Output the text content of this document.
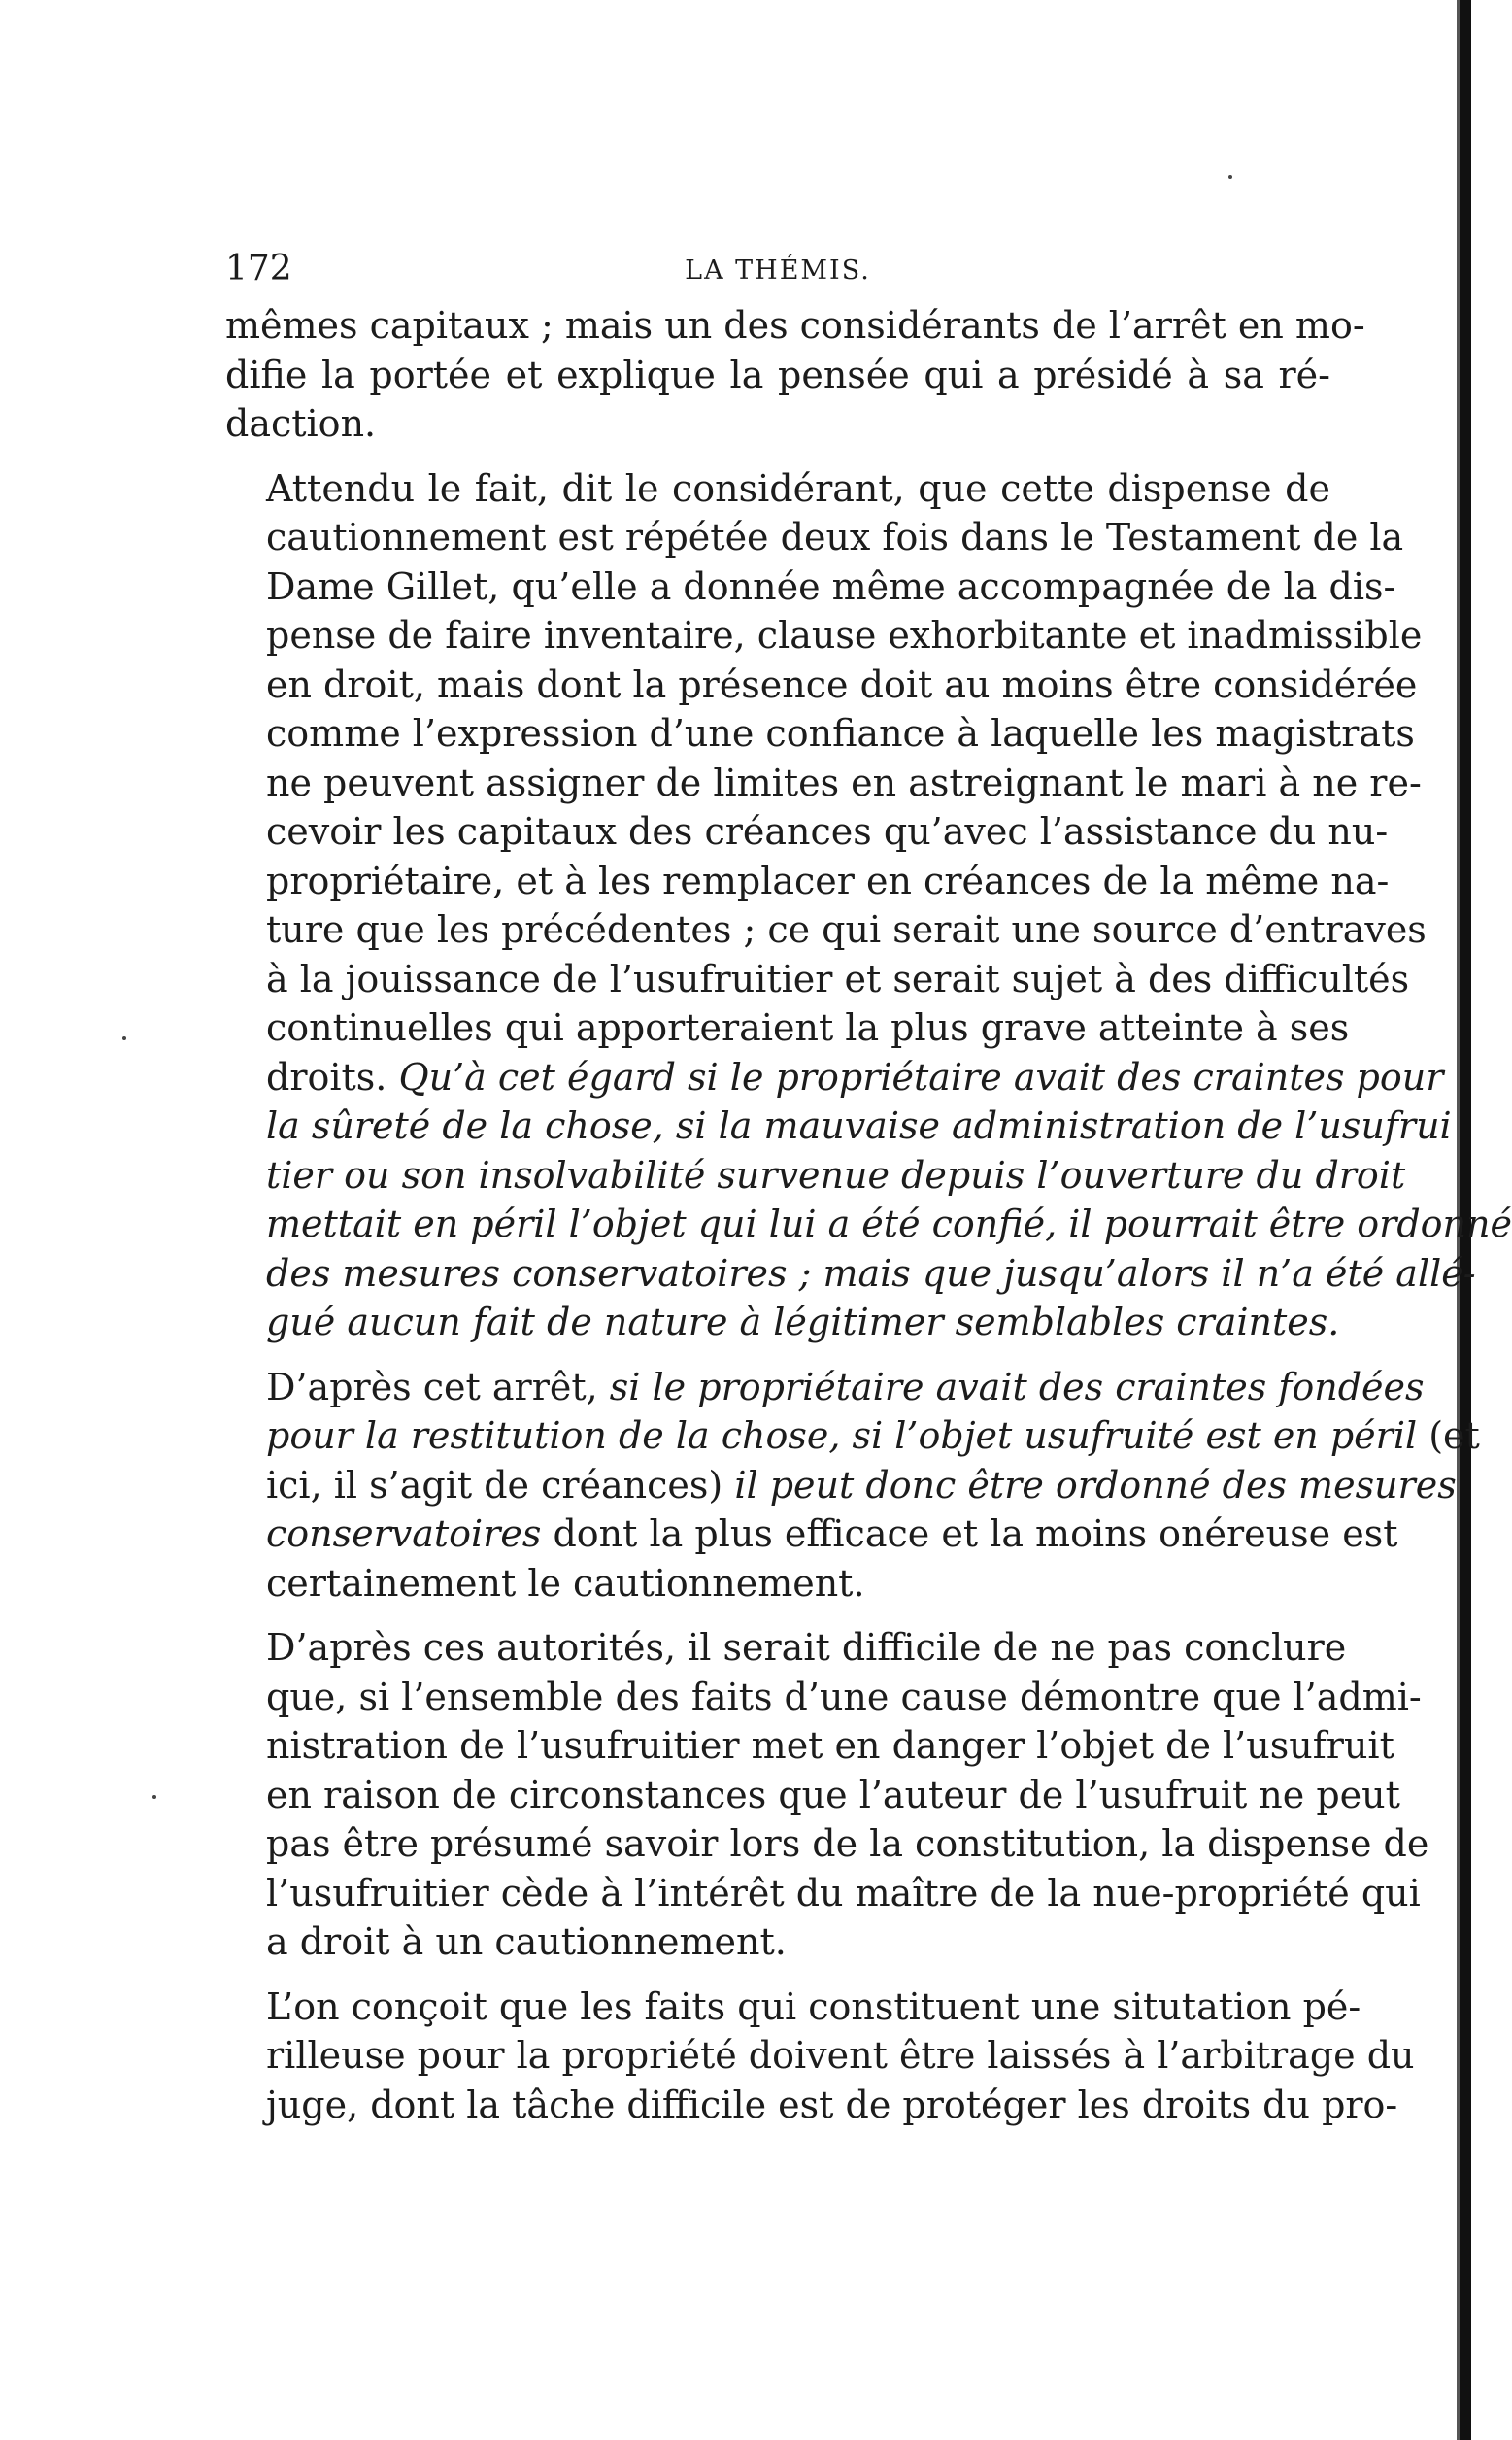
172	LA THÉMIS.
mêmes capitaux ; mais un des considérants de l’arrêt en mo-
difie la portée et explique la pensée qui a présidé à sa ré-
daction.
Attendu le fait, dit le considérant, que cette dispense de
cautionnement est répétée deux fois dans le Testament de la
Dame Gillet, qu’elle a donnée même accompagnée de la dis-
pense de faire inventaire, clause exhorbitante et inadmissible
en droit, mais dont la présence doit au moins être considérée
comme l’expression d’une confiance à laquelle les magistrats
ne peuvent assigner de limites en astreignant le mari à ne re-
cevoir les capitaux des créances qu’avec l’assistance du nu-
propriétaire, et à les remplacer en créances de la même na-
ture que les précédentes ; ce qui serait une source d’entraves
à la jouissance de l’usufruitier et serait sujet à des difficultés
continuelles qui apporteraient la plus grave atteinte à ses
droits. Qu’à cet égard si le propriétaire avait des craintes pour
la sûreté de la chose, si la mauvaise administration de l’usufrui
tier ou son insolvabilité survenue depuis l’ouverture du droit
mettait en péril l’objet qui lui a été confié, il pourrait être ordonné
des mesures conservatoires ; mais que jusqu’alors il n’a été allé-
gué aucun fait de nature à légitimer semblables craintes.
D’après cet arrêt, si le propriétaire avait des craintes fondées
pour la restitution de la chose, si l’objet usufruité est en péril (et
ici, il s’agit de créances) il peut donc être ordonné des mesures
conservatoires dont la plus efficace et la moins onéreuse est
certainement le cautionnement.
D’après ces autorités, il serait difficile de ne pas conclure
que, si l’ensemble des faits d’une cause démontre que l’admi-
nistration de l’usufruitier met en danger l’objet de l’usufruit
en raison de circonstances que l’auteur de l’usufruit ne peut
pas être présumé savoir lors de la constitution, la dispense de
l’usufruitier cède à l’intérêt du maître de la nue-propriété qui
a droit à un cautionnement.
L’on conçoit que les faits qui constituent une situtation pé-
rilleuse pour la propriété doivent être laissés à l’arbitrage du
juge, dont la tâche difficile est de protéger les droits du pro-
